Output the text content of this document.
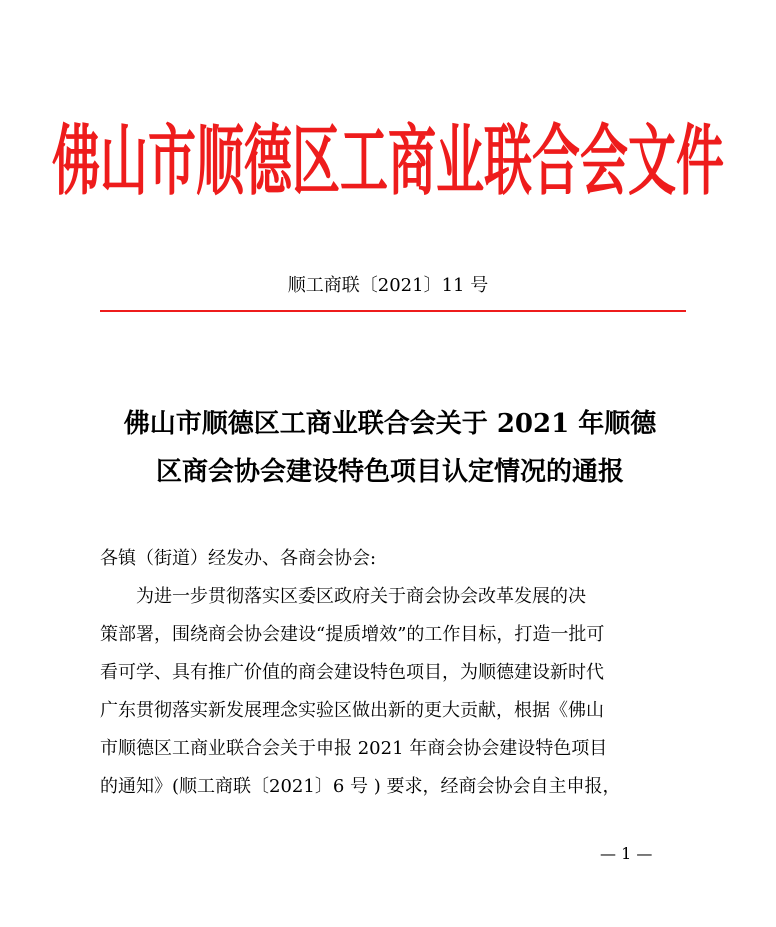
佛山市顺德区工商业联合会文件
顺工商联〔2021〕11 号
佛山市顺德区工商业联合会关于 2021 年顺德
区商会协会建设特色项目认定情况的通报
各镇（街道）经发办、各商会协会:
　　为进一步贯彻落实区委区政府关于商会协会改革发展的决
策部署，围绕商会协会建设“提质增效”的工作目标，打造一批可
看可学、具有推广价值的商会建设特色项目，为顺德建设新时代
广东贯彻落实新发展理念实验区做出新的更大贡献，根据《佛山
市顺德区工商业联合会关于申报 2021 年商会协会建设特色项目
的通知》(顺工商联〔2021〕6 号 ) 要求，经商会协会自主申报，
— 1 —
